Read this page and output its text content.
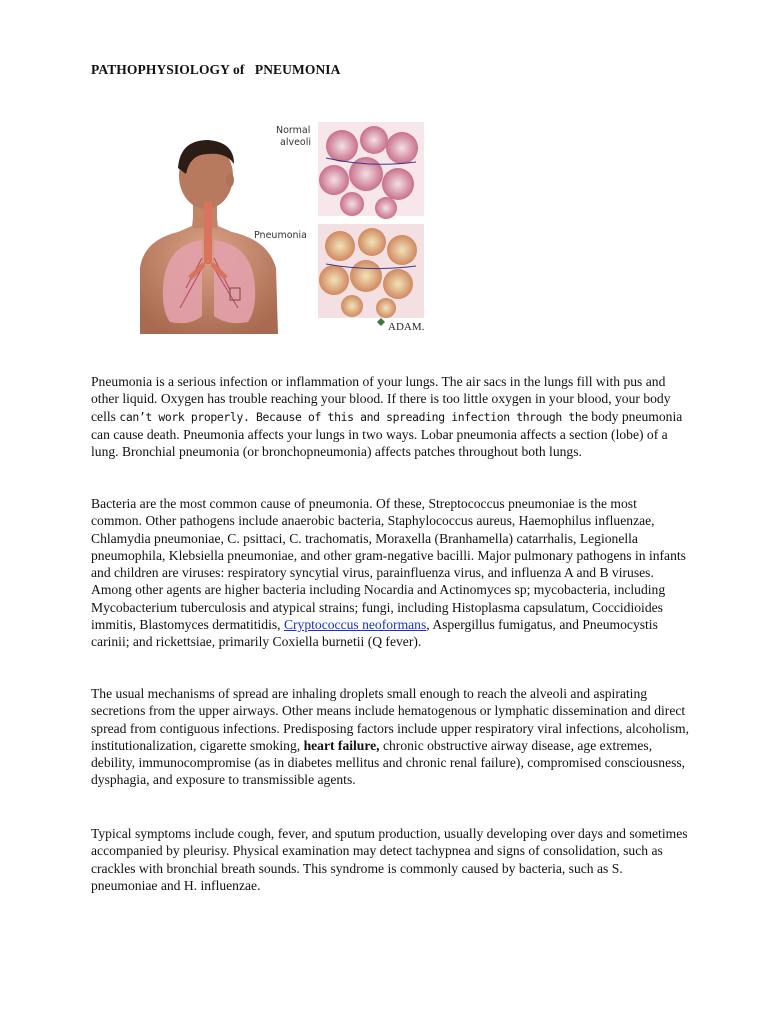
PATHOPHYSIOLOGY of   PNEUMONIA
Normal
alveoli
Pneumonia
ADAM.

Pneumonia is a serious infection or inflammation of your lungs. The air sacs in the lungs fill with pus and other liquid. Oxygen has trouble reaching your blood. If there is too little oxygen in your blood, your body cells can’t work properly. Because of this and spreading infection through the body pneumonia can cause death. Pneumonia affects your lungs in two ways. Lobar pneumonia affects a section (lobe) of a lung. Bronchial pneumonia (or bronchopneumonia) affects patches throughout both lungs.

Bacteria are the most common cause of pneumonia. Of these, Streptococcus pneumoniae is the most common. Other pathogens include anaerobic bacteria, Staphylococcus aureus, Haemophilus influenzae, Chlamydia pneumoniae, C. psittaci, C. trachomatis, Moraxella (Branhamella) catarrhalis, Legionella pneumophila, Klebsiella pneumoniae, and other gram-negative bacilli. Major pulmonary pathogens in infants and children are viruses: respiratory syncytial virus, parainfluenza virus, and influenza A and B viruses. Among other agents are higher bacteria including Nocardia and Actinomyces sp; mycobacteria, including Mycobacterium tuberculosis and atypical strains; fungi, including Histoplasma capsulatum, Coccidioides immitis, Blastomyces dermatitidis, Cryptococcus neoformans, Aspergillus fumigatus, and Pneumocystis carinii; and rickettsiae, primarily Coxiella burnetii (Q fever).

The usual mechanisms of spread are inhaling droplets small enough to reach the alveoli and aspirating secretions from the upper airways. Other means include hematogenous or lymphatic dissemination and direct spread from contiguous infections. Predisposing factors include upper respiratory viral infections, alcoholism, institutionalization, cigarette smoking, heart failure, chronic obstructive airway disease, age extremes, debility, immunocompromise (as in diabetes mellitus and chronic renal failure), compromised consciousness, dysphagia, and exposure to transmissible agents.

Typical symptoms include cough, fever, and sputum production, usually developing over days and sometimes accompanied by pleurisy. Physical examination may detect tachypnea and signs of consolidation, such as crackles with bronchial breath sounds. This syndrome is commonly caused by bacteria, such as S. pneumoniae and H. influenzae.
